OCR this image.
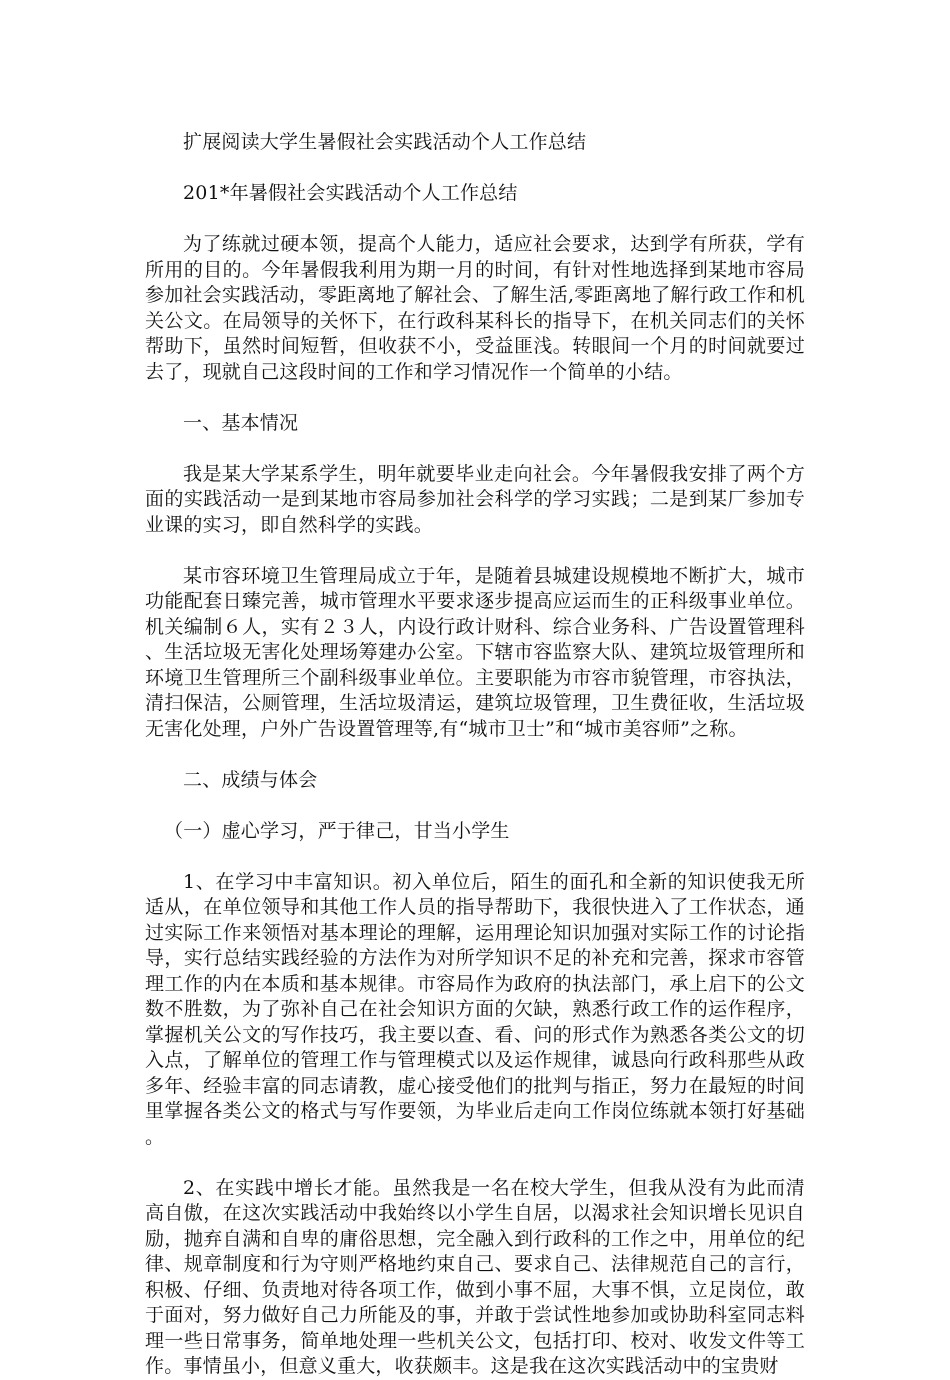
扩展阅读大学生暑假社会实践活动个人工作总结

201*年暑假社会实践活动个人工作总结

为了练就过硬本领，提高个人能力，适应社会要求，达到学有所获，学有所用的目的。今年暑假我利用为期一月的时间，有针对性地选择到某地市容局参加社会实践活动，零距离地了解社会、了解生活,零距离地了解行政工作和机关公文。在局领导的关怀下，在行政科某科长的指导下，在机关同志们的关怀帮助下，虽然时间短暂，但收获不小，受益匪浅。转眼间一个月的时间就要过去了，现就自己这段时间的工作和学习情况作一个简单的小结。

一、基本情况

我是某大学某系学生，明年就要毕业走向社会。今年暑假我安排了两个方面的实践活动一是到某地市容局参加社会科学的学习实践；二是到某厂参加专业课的实习，即自然科学的实践。

某市容环境卫生管理局成立于年，是随着县城建设规模地不断扩大，城市功能配套日臻完善，城市管理水平要求逐步提高应运而生的正科级事业单位。机关编制６人，实有２３人，内设行政计财科、综合业务科、广告设置管理科、生活垃圾无害化处理场筹建办公室。下辖市容监察大队、建筑垃圾管理所和环境卫生管理所三个副科级事业单位。主要职能为市容市貌管理，市容执法，清扫保洁，公厕管理，生活垃圾清运，建筑垃圾管理，卫生费征收，生活垃圾无害化处理，户外广告设置管理等,有“城市卫士”和“城市美容师”之称。

二、成绩与体会

（一）虚心学习，严于律己，甘当小学生

1、在学习中丰富知识。初入单位后，陌生的面孔和全新的知识使我无所适从，在单位领导和其他工作人员的指导帮助下，我很快进入了工作状态，通过实际工作来领悟对基本理论的理解，运用理论知识加强对实际工作的讨论指导，实行总结实践经验的方法作为对所学知识不足的补充和完善，探求市容管理工作的内在本质和基本规律。市容局作为政府的执法部门，承上启下的公文数不胜数，为了弥补自己在社会知识方面的欠缺，熟悉行政工作的运作程序，掌握机关公文的写作技巧，我主要以查、看、问的形式作为熟悉各类公文的切入点，了解单位的管理工作与管理模式以及运作规律，诚恳向行政科那些从政多年、经验丰富的同志请教，虚心接受他们的批判与指正，努力在最短的时间里掌握各类公文的格式与写作要领，为毕业后走向工作岗位练就本领打好基础。

2、在实践中增长才能。虽然我是一名在校大学生，但我从没有为此而清高自傲，在这次实践活动中我始终以小学生自居，以渴求社会知识增长见识自励，抛弃自满和自卑的庸俗思想，完全融入到行政科的工作之中，用单位的纪律、规章制度和行为守则严格地约束自己、要求自己、法律规范自己的言行，积极、仔细、负责地对待各项工作，做到小事不屈，大事不惧，立足岗位，敢于面对，努力做好自己力所能及的事，并敢于尝试性地参加或协助科室同志料理一些日常事务，简单地处理一些机关公文，包括打印、校对、收发文件等工作。事情虽小，但意义重大，收获颇丰。这是我在这次实践活动中的宝贵财
